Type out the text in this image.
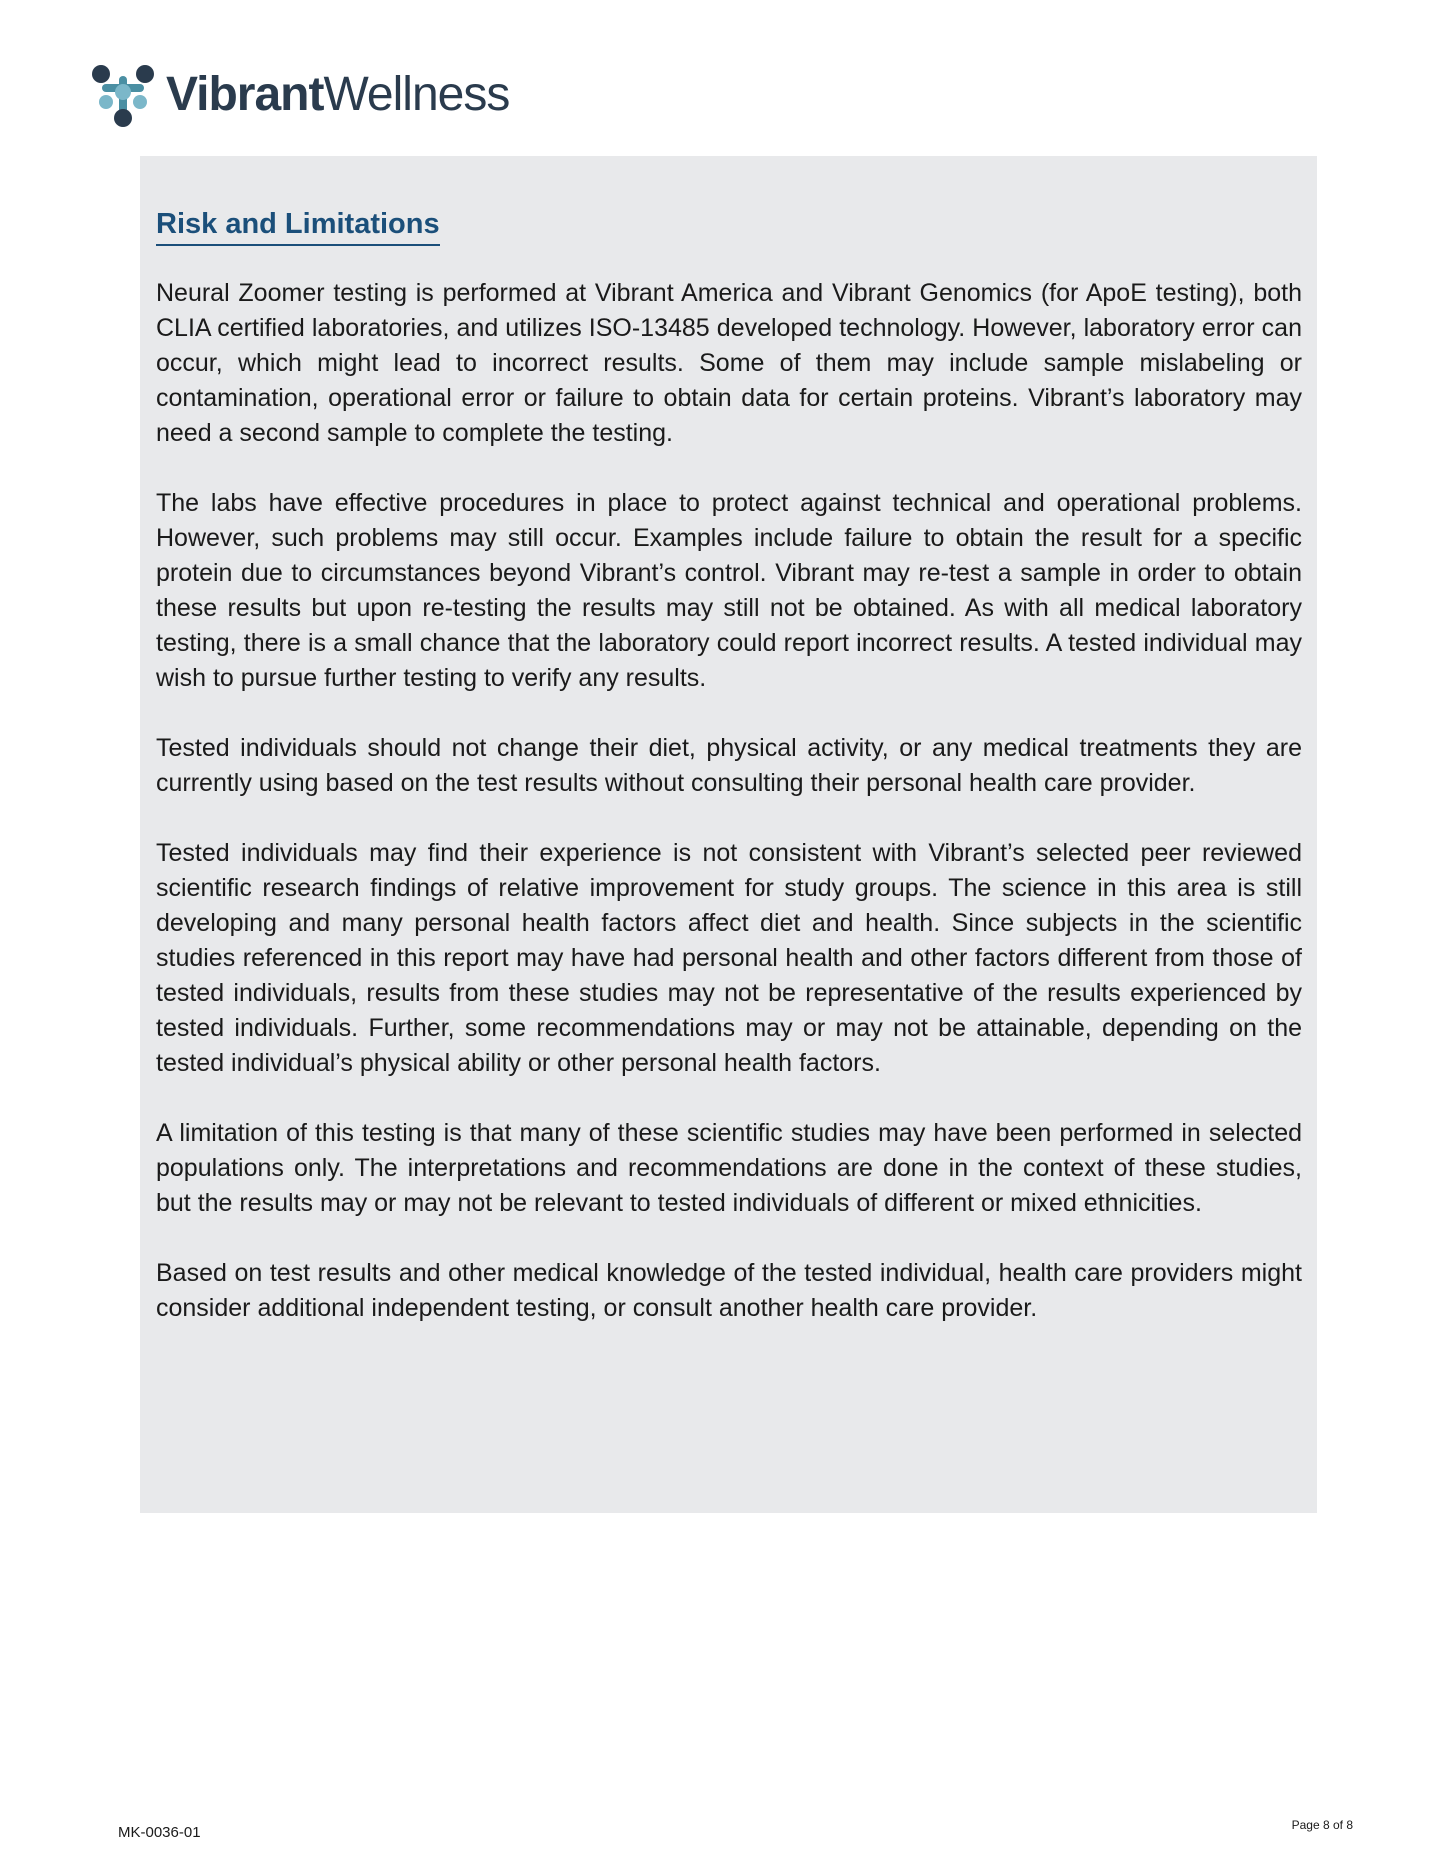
VibrantWellness
Risk and Limitations

Neural Zoomer testing is performed at Vibrant America and Vibrant Genomics (for ApoE testing), both CLIA certified laboratories, and utilizes ISO-13485 developed technology. However, laboratory error can occur, which might lead to incorrect results. Some of them may include sample mislabeling or contamination, operational error or failure to obtain data for certain proteins. Vibrant’s laboratory may need a second sample to complete the testing.

The labs have effective procedures in place to protect against technical and operational problems. However, such problems may still occur. Examples include failure to obtain the result for a specific protein due to circumstances beyond Vibrant’s control. Vibrant may re-test a sample in order to obtain these results but upon re-testing the results may still not be obtained. As with all medical laboratory testing, there is a small chance that the laboratory could report incorrect results. A tested individual may wish to pursue further testing to verify any results.

Tested individuals should not change their diet, physical activity, or any medical treatments they are currently using based on the test results without consulting their personal health care provider.

Tested individuals may find their experience is not consistent with Vibrant’s selected peer reviewed scientific research findings of relative improvement for study groups. The science in this area is still developing and many personal health factors affect diet and health. Since subjects in the scientific studies referenced in this report may have had personal health and other factors different from those of tested individuals, results from these studies may not be representative of the results experienced by tested individuals. Further, some recommendations may or may not be attainable, depending on the tested individual’s physical ability or other personal health factors.

A limitation of this testing is that many of these scientific studies may have been performed in selected populations only. The interpretations and recommendations are done in the context of these studies, but the results may or may not be relevant to tested individuals of different or mixed ethnicities.

Based on test results and other medical knowledge of the tested individual, health care providers might consider additional independent testing, or consult another health care provider.

MK-0036-01	Page 8 of 8
